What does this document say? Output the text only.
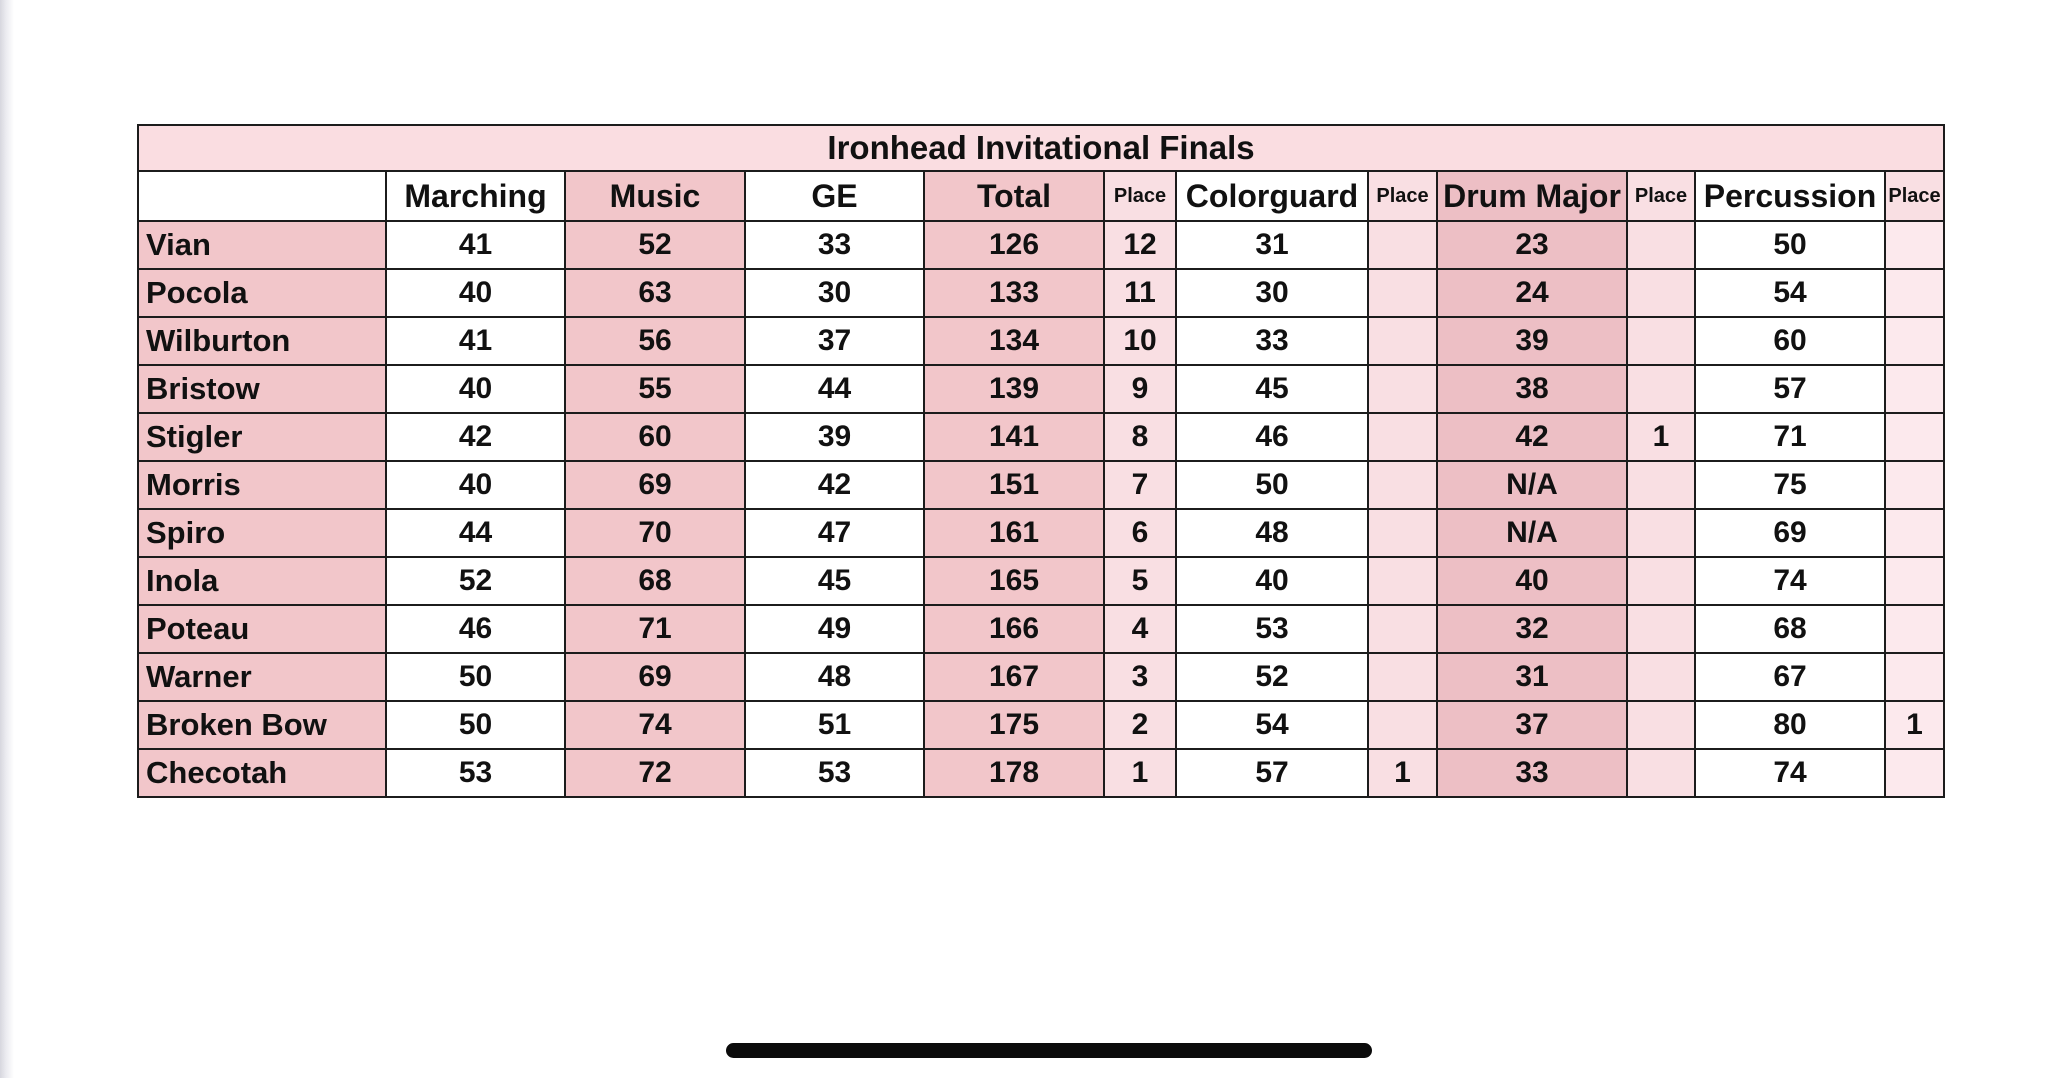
Ironhead Invitational Finals											
	Marching	Music	GE	Total	Place	Colorguard	Place	Drum Major	Place	Percussion	Place
Vian	41	52	33	126	12	31		23		50	
Pocola	40	63	30	133	11	30		24		54	
Wilburton	41	56	37	134	10	33		39		60	
Bristow	40	55	44	139	9	45		38		57	
Stigler	42	60	39	141	8	46		42	1	71	
Morris	40	69	42	151	7	50		N/A		75	
Spiro	44	70	47	161	6	48		N/A		69	
Inola	52	68	45	165	5	40		40		74	
Poteau	46	71	49	166	4	53		32		68	
Warner	50	69	48	167	3	52		31		67	
Broken Bow	50	74	51	175	2	54		37		80	1
Checotah	53	72	53	178	1	57	1	33		74	
